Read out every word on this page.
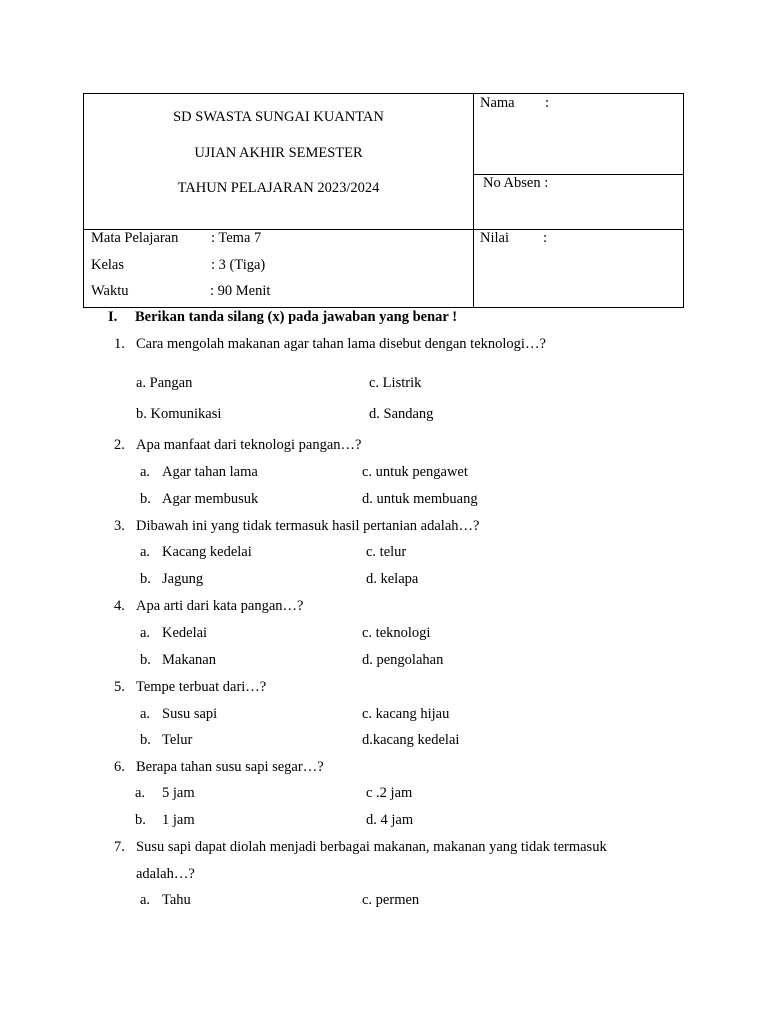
SD SWASTA SUNGAI KUANTAN
UJIAN AKHIR SEMESTER
TAHUN PELAJARAN 2023/2024
Nama :
No Absen :
Nilai :
Mata Pelajaran : Tema 7
Kelas	: 3 (Tiga)
Waktu	: 90 Menit
I. Berikan tanda silang (x) pada jawaban yang benar !
1. Cara mengolah makanan agar tahan lama disebut dengan teknologi…?
a. Pangan	c. Listrik
b. Komunikasi	d. Sandang
2. Apa manfaat dari teknologi pangan…?
a. Agar tahan lama	c. untuk pengawet
b. Agar membusuk	d. untuk membuang
3. Dibawah ini yang tidak termasuk hasil pertanian adalah…?
a. Kacang kedelai	c. telur
b. Jagung	d. kelapa
4. Apa arti dari kata pangan…?
a. Kedelai	c. teknologi
b. Makanan	d. pengolahan
5. Tempe terbuat dari…?
a. Susu sapi	c. kacang hijau
b. Telur	d.kacang kedelai
6. Berapa tahan susu sapi segar…?
a. 5 jam	c .2 jam
b. 1 jam	d. 4 jam
7. Susu sapi dapat diolah menjadi berbagai makanan, makanan yang tidak termasuk
adalah…?
a. Tahu	c. permen
